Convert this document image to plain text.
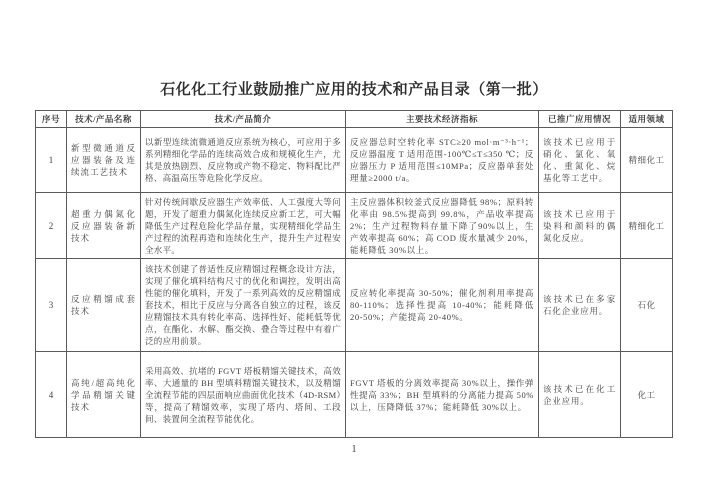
石化化工行业鼓励推广应用的技术和产品目录（第一批）
序号	技术/产品名称	技术/产品简介	主要技术经济指标	已推广应用情况	适用领域
1	新型微通道反应器装备及连续流工艺技术	以新型连续流微通道反应系统为核心，可应用于多系列精细化学品的连续高效合成和规模化生产，尤其是放热剧烈、反应物或产物不稳定、物料配比严格、高温高压等危险化学反应。	反应器总时空转化率 STC≥20 mol·m⁻³·h⁻¹；反应器温度 T 适用范围-100℃≤T≤350 ℃；反应器压力 P 适用范围≤10MPa；反应器单套处理量≥2000 t/a。	该技术已应用于硝化、氯化、氧化、重氮化、烷基化等工艺中。	精细化工
2	超重力偶氮化反应器装备新技术	针对传统间歇反应器生产效率低、人工强度大等问题，开发了超重力偶氮化连续反应新工艺，可大幅降低生产过程危险化学品存量，实现精细化学品生产过程的流程再造和连续化生产，提升生产过程安全水平。	主反应器体积较釜式反应器降低 98%；原料转化率由 98.5%提高到 99.8%，产品收率提高 2%；生产过程物料存量下降了90%以上，生产效率提高 60%；高 COD 废水量减少 20%，能耗降低 30%以上。	该技术已应用于染料和颜料的偶氮化反应。	精细化工
3	反应精馏成套技术	该技术创建了普适性反应精馏过程概念设计方法，实现了催化填料结构尺寸的优化和调控，发明出高性能的催化填料，开发了一系列高效的反应精馏成套技术，相比于反应与分离各自独立的过程，该反应精馏技术具有转化率高、选择性好、能耗低等优点，在酯化、水解、酯交换、叠合等过程中有着广泛的应用前景。	反应转化率提高 30-50%；催化剂利用率提高 80-110%；选择性提高 10-40%；能耗降低 20-50%；产能提高 20-40%。	该技术已在多家石化企业应用。	石化
4	高纯/超高纯化学品精馏关键技术	采用高效、抗堵的 FGVT 塔板精馏关键技术，高效率、大通量的 BH 型填料精馏关键技术，以及精馏全流程节能的四层面响应曲面优化技术（4D-RSM）等，提高了精馏效率，实现了塔内、塔间、工段间、装置间全流程节能优化。	FGVT 塔板的分离效率提高 30%以上，操作弹性提高 33%；BH 型填料的分离能力提高 50%以上，压降降低 37%；能耗降低 30%以上。	该技术已在化工企业应用。	化工
1
